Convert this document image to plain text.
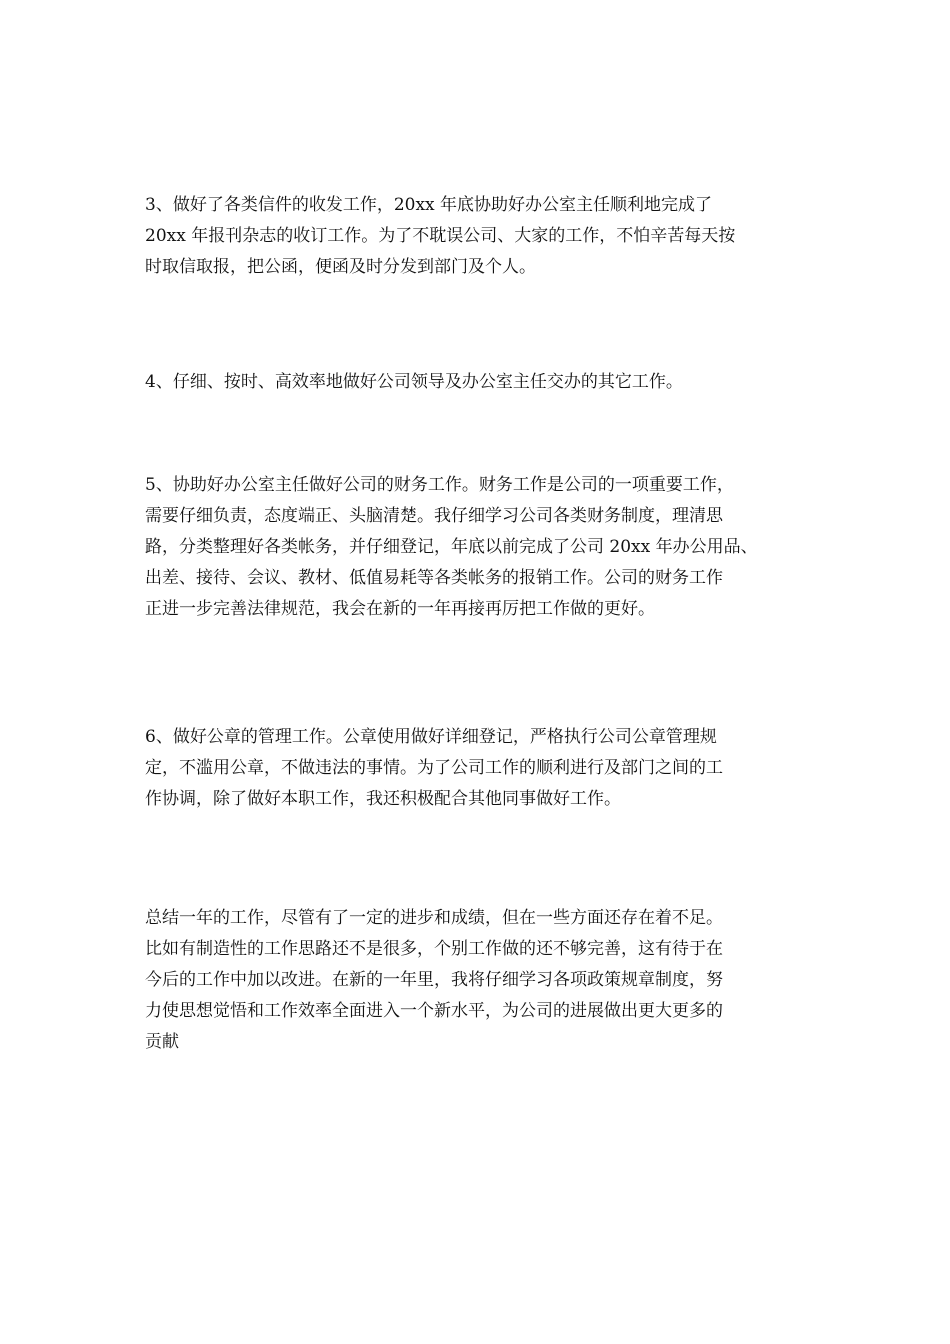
3、做好了各类信件的收发工作，20xx 年底协助好办公室主任顺利地完成了
20xx 年报刊杂志的收订工作。为了不耽误公司、大家的工作，不怕辛苦每天按
时取信取报，把公函，便函及时分发到部门及个人。
4、仔细、按时、高效率地做好公司领导及办公室主任交办的其它工作。
5、协助好办公室主任做好公司的财务工作。财务工作是公司的一项重要工作，
需要仔细负责，态度端正、头脑清楚。我仔细学习公司各类财务制度，理清思
路，分类整理好各类帐务，并仔细登记，年底以前完成了公司 20xx 年办公用品、
出差、接待、会议、教材、低值易耗等各类帐务的报销工作。公司的财务工作
正进一步完善法律规范，我会在新的一年再接再厉把工作做的更好。
6、做好公章的管理工作。公章使用做好详细登记，严格执行公司公章管理规
定，不滥用公章，不做违法的事情。为了公司工作的顺利进行及部门之间的工
作协调，除了做好本职工作，我还积极配合其他同事做好工作。
总结一年的工作，尽管有了一定的进步和成绩，但在一些方面还存在着不足。
比如有制造性的工作思路还不是很多，个别工作做的还不够完善，这有待于在
今后的工作中加以改进。在新的一年里，我将仔细学习各项政策规章制度，努
力使思想觉悟和工作效率全面进入一个新水平，为公司的进展做出更大更多的
贡献
